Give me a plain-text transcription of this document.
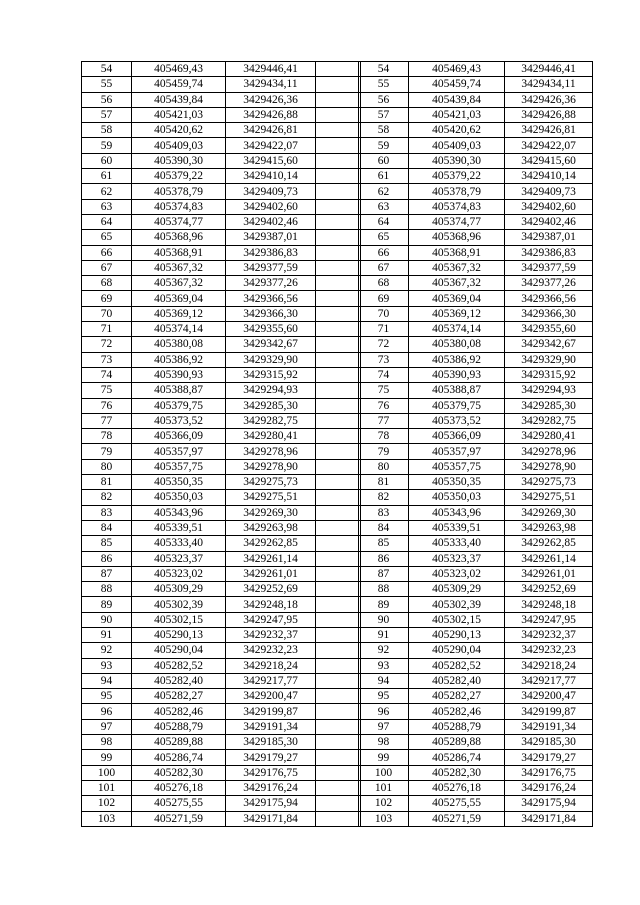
54	405469,43	3429446,41	
55	405459,74	3429434,11	
56	405439,84	3429426,36	
57	405421,03	3429426,88	
58	405420,62	3429426,81	
59	405409,03	3429422,07	
60	405390,30	3429415,60	
61	405379,22	3429410,14	
62	405378,79	3429409,73	
63	405374,83	3429402,60	
64	405374,77	3429402,46	
65	405368,96	3429387,01	
66	405368,91	3429386,83	
67	405367,32	3429377,59	
68	405367,32	3429377,26	
69	405369,04	3429366,56	
70	405369,12	3429366,30	
71	405374,14	3429355,60	
72	405380,08	3429342,67	
73	405386,92	3429329,90	
74	405390,93	3429315,92	
75	405388,87	3429294,93	
76	405379,75	3429285,30	
77	405373,52	3429282,75	
78	405366,09	3429280,41	
79	405357,97	3429278,96	
80	405357,75	3429278,90	
81	405350,35	3429275,73	
82	405350,03	3429275,51	
83	405343,96	3429269,30	
84	405339,51	3429263,98	
85	405333,40	3429262,85	
86	405323,37	3429261,14	
87	405323,02	3429261,01	
88	405309,29	3429252,69	
89	405302,39	3429248,18	
90	405302,15	3429247,95	
91	405290,13	3429232,37	
92	405290,04	3429232,23	
93	405282,52	3429218,24	
94	405282,40	3429217,77	
95	405282,27	3429200,47	
96	405282,46	3429199,87	
97	405288,79	3429191,34	
98	405289,88	3429185,30	
99	405286,74	3429179,27	
100	405282,30	3429176,75	
101	405276,18	3429176,24	
102	405275,55	3429175,94	
103	405271,59	3429171,84	
54	405469,43	3429446,41
55	405459,74	3429434,11
56	405439,84	3429426,36
57	405421,03	3429426,88
58	405420,62	3429426,81
59	405409,03	3429422,07
60	405390,30	3429415,60
61	405379,22	3429410,14
62	405378,79	3429409,73
63	405374,83	3429402,60
64	405374,77	3429402,46
65	405368,96	3429387,01
66	405368,91	3429386,83
67	405367,32	3429377,59
68	405367,32	3429377,26
69	405369,04	3429366,56
70	405369,12	3429366,30
71	405374,14	3429355,60
72	405380,08	3429342,67
73	405386,92	3429329,90
74	405390,93	3429315,92
75	405388,87	3429294,93
76	405379,75	3429285,30
77	405373,52	3429282,75
78	405366,09	3429280,41
79	405357,97	3429278,96
80	405357,75	3429278,90
81	405350,35	3429275,73
82	405350,03	3429275,51
83	405343,96	3429269,30
84	405339,51	3429263,98
85	405333,40	3429262,85
86	405323,37	3429261,14
87	405323,02	3429261,01
88	405309,29	3429252,69
89	405302,39	3429248,18
90	405302,15	3429247,95
91	405290,13	3429232,37
92	405290,04	3429232,23
93	405282,52	3429218,24
94	405282,40	3429217,77
95	405282,27	3429200,47
96	405282,46	3429199,87
97	405288,79	3429191,34
98	405289,88	3429185,30
99	405286,74	3429179,27
100	405282,30	3429176,75
101	405276,18	3429176,24
102	405275,55	3429175,94
103	405271,59	3429171,84
